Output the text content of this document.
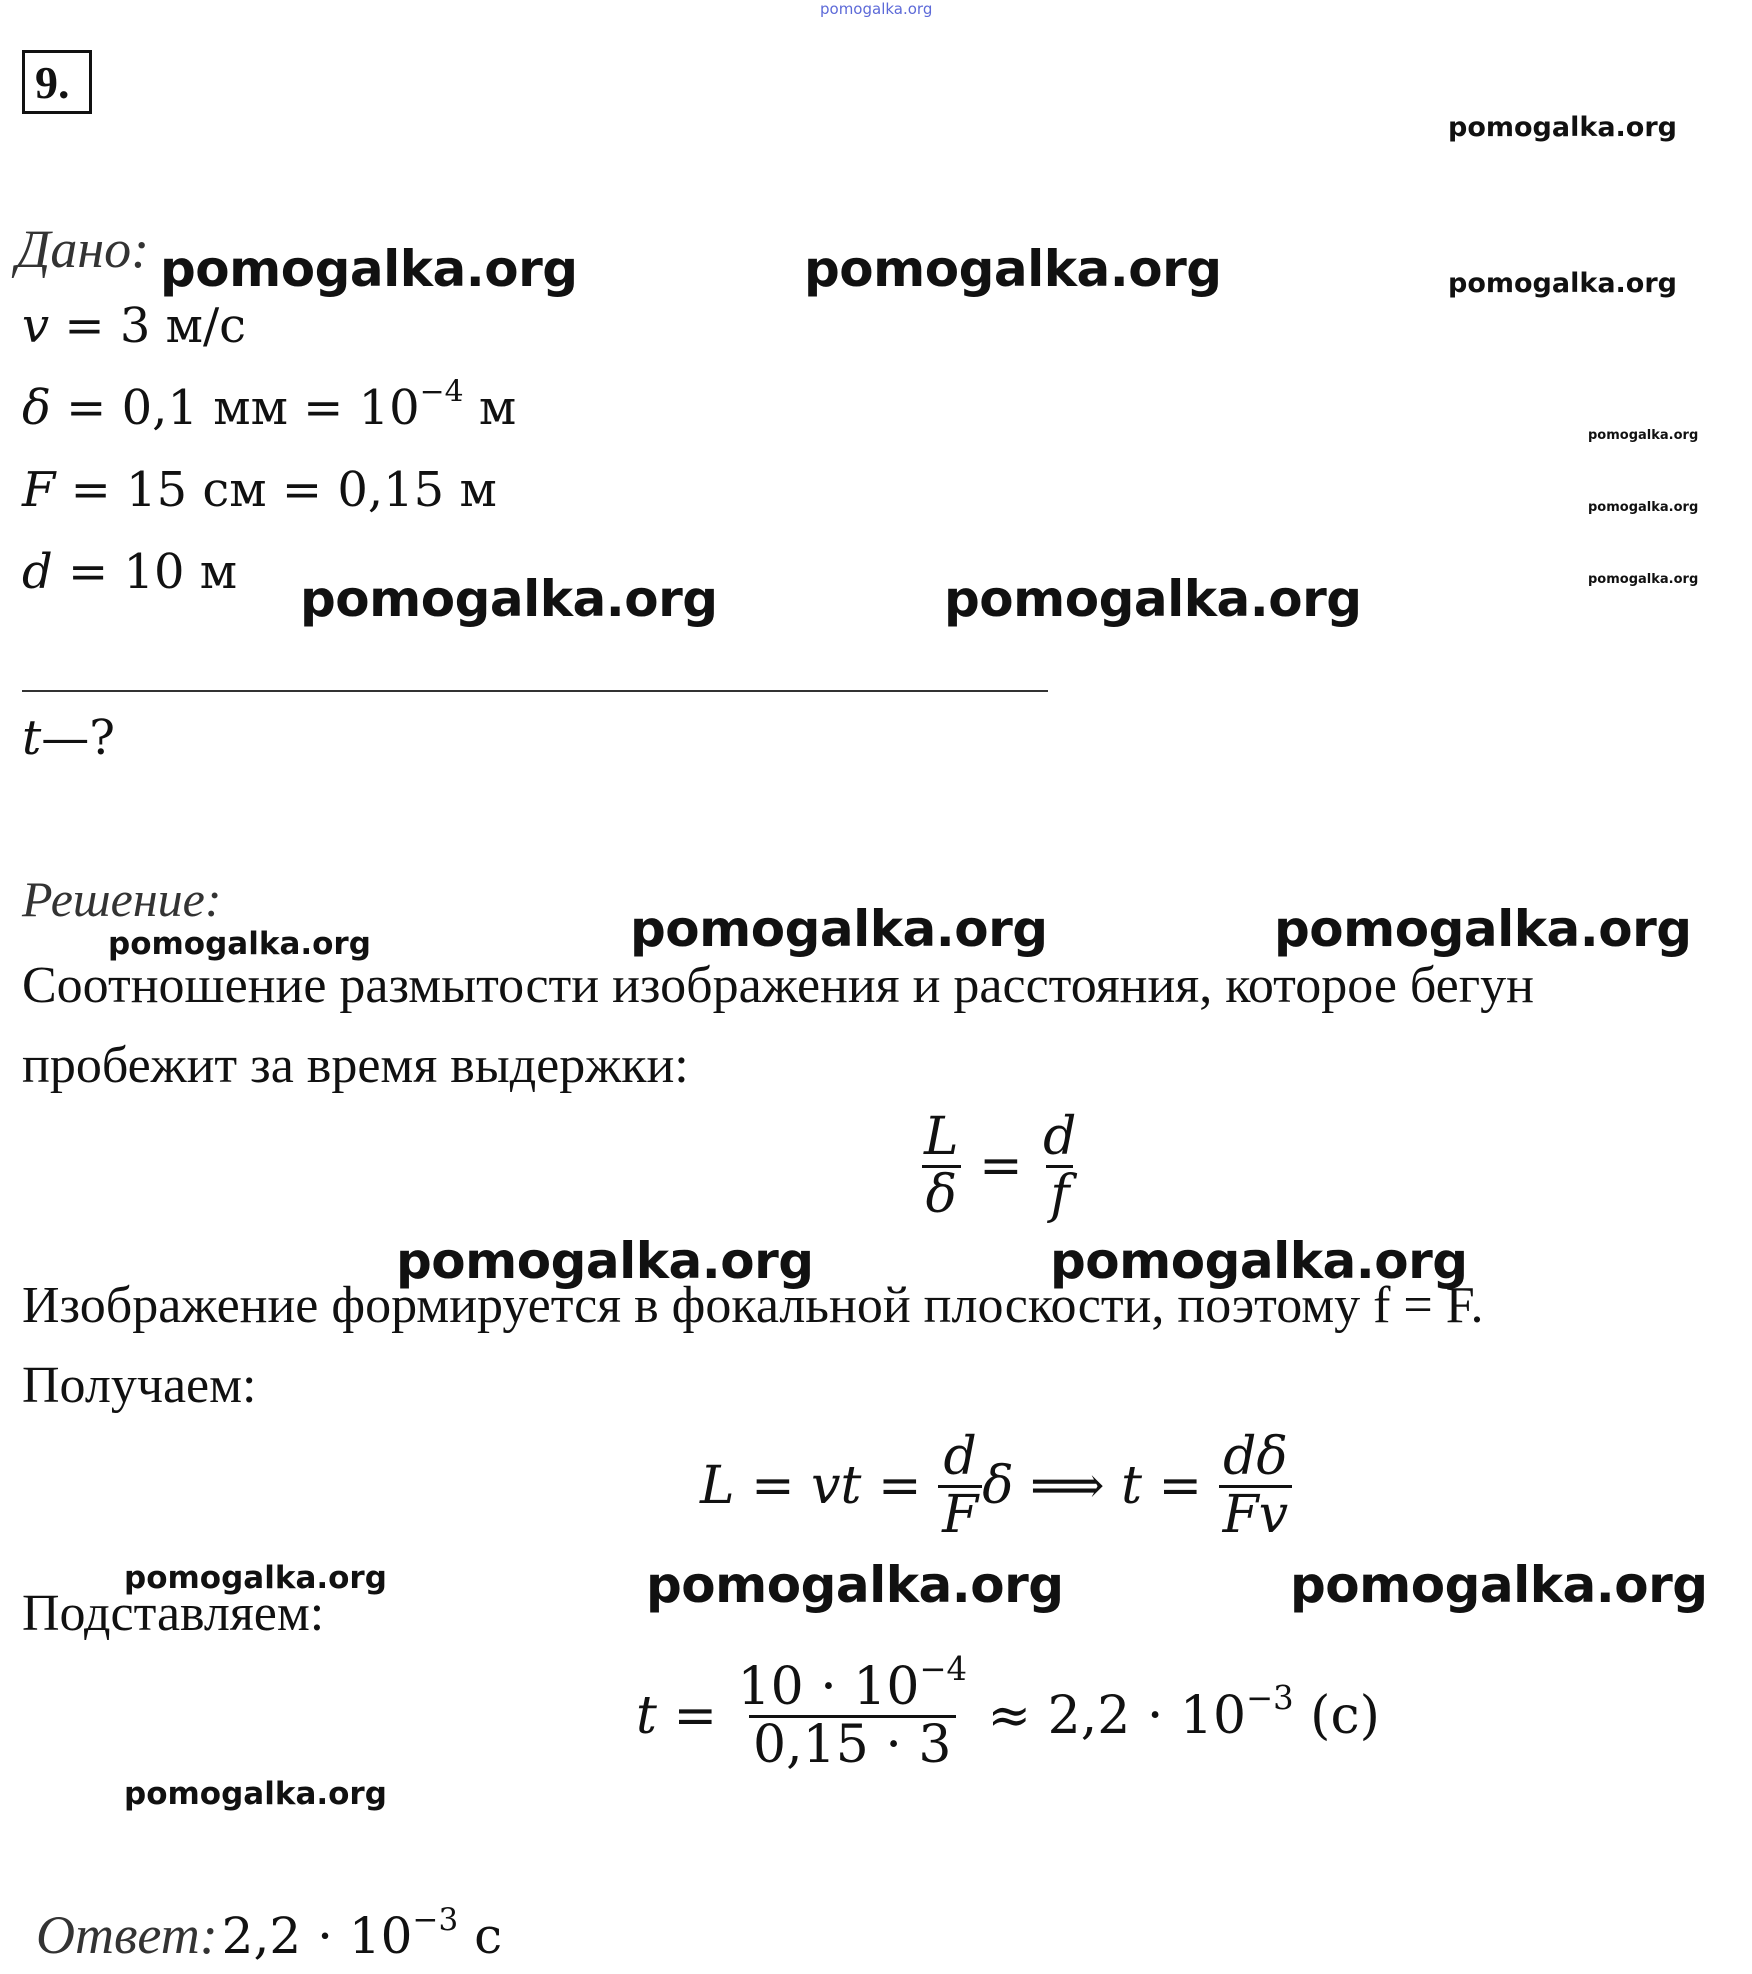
pomogalka.org
9.
pomogalka.org
pomogalka.org
pomogalka.org
pomogalka.org
pomogalka.org
Дано: pomogalka.org	pomogalka.org
v = 3 м/с
δ = 0,1 мм = $10^{-4}$ м
F = 15 см = 0,15 м
d = 10 м pomogalka.org	pomogalka.org
t—?
Решение:
pomogalka.org	pomogalka.org	pomogalka.org
Соотношение размытости изображения и расстояния, которое бегун
пробежит за время выдержки:
$\frac{L}{\delta} = \frac{d}{f}$
pomogalka.org	pomogalka.org
Изображение формируется в фокальной плоскости, поэтому f = F.
Получаем:
L = vt = $\frac{d}{F}$ δ ⟹ $t = \frac{d\delta}{Fv}$
pomogalka.org	pomogalka.org	pomogalka.org
Подставляем:
$t = \frac{10 \cdot 10^{-4}}{0,15 \cdot 3} \approx 2,2 \cdot 10^{-3}$ (с)
pomogalka.org
Ответ: $2,2 \cdot 10^{-3}$ с
